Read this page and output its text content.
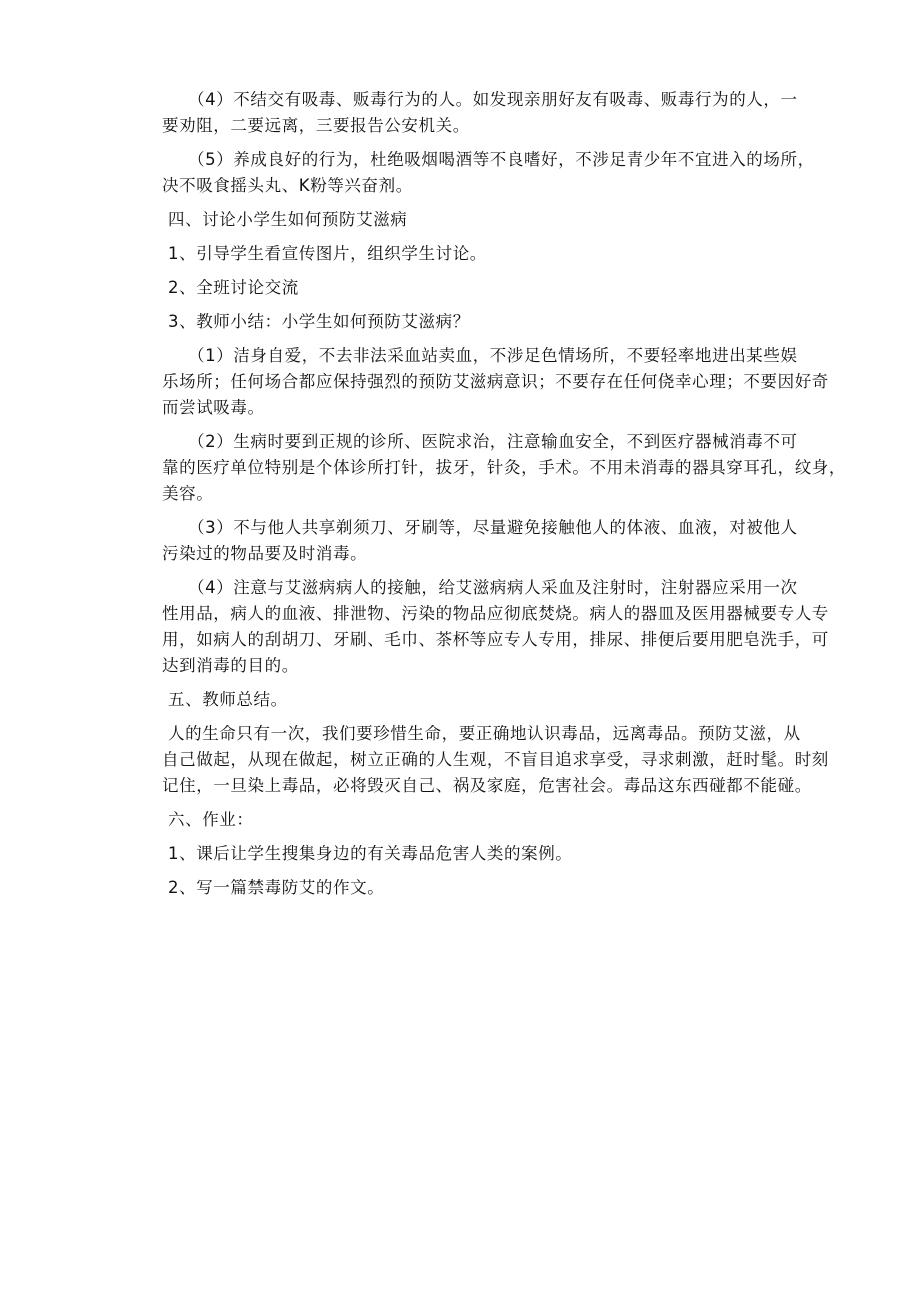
（4）不结交有吸毒、贩毒行为的人。如发现亲朋好友有吸毒、贩毒行为的人，一
要劝阻，二要远离，三要报告公安机关。
（5）养成良好的行为，杜绝吸烟喝酒等不良嗜好，不涉足青少年不宜进入的场所，
决不吸食摇头丸、K粉等兴奋剂。
四、讨论小学生如何预防艾滋病
1、引导学生看宣传图片，组织学生讨论。
2、全班讨论交流
3、教师小结：小学生如何预防艾滋病？
（1）洁身自爱，不去非法采血站卖血，不涉足色情场所，不要轻率地进出某些娱
乐场所；任何场合都应保持强烈的预防艾滋病意识；不要存在任何侥幸心理；不要因好奇
而尝试吸毒。
（2）生病时要到正规的诊所、医院求治，注意输血安全，不到医疗器械消毒不可
靠的医疗单位特别是个体诊所打针，拔牙，针灸，手术。不用未消毒的器具穿耳孔，纹身，
美容。
（3）不与他人共享剃须刀、牙刷等，尽量避免接触他人的体液、血液，对被他人
污染过的物品要及时消毒。
（4）注意与艾滋病病人的接触，给艾滋病病人采血及注射时，注射器应采用一次
性用品，病人的血液、排泄物、污染的物品应彻底焚烧。病人的器皿及医用器械要专人专
用，如病人的刮胡刀、牙刷、毛巾、茶杯等应专人专用，排尿、排便后要用肥皂洗手，可
达到消毒的目的。
五、教师总结。
人的生命只有一次，我们要珍惜生命，要正确地认识毒品，远离毒品。预防艾滋，从
自己做起，从现在做起，树立正确的人生观，不盲目追求享受，寻求刺激，赶时髦。时刻
记住，一旦染上毒品，必将毁灭自己、祸及家庭，危害社会。毒品这东西碰都不能碰。
六、作业：
1、课后让学生搜集身边的有关毒品危害人类的案例。
2、写一篇禁毒防艾的作文。
